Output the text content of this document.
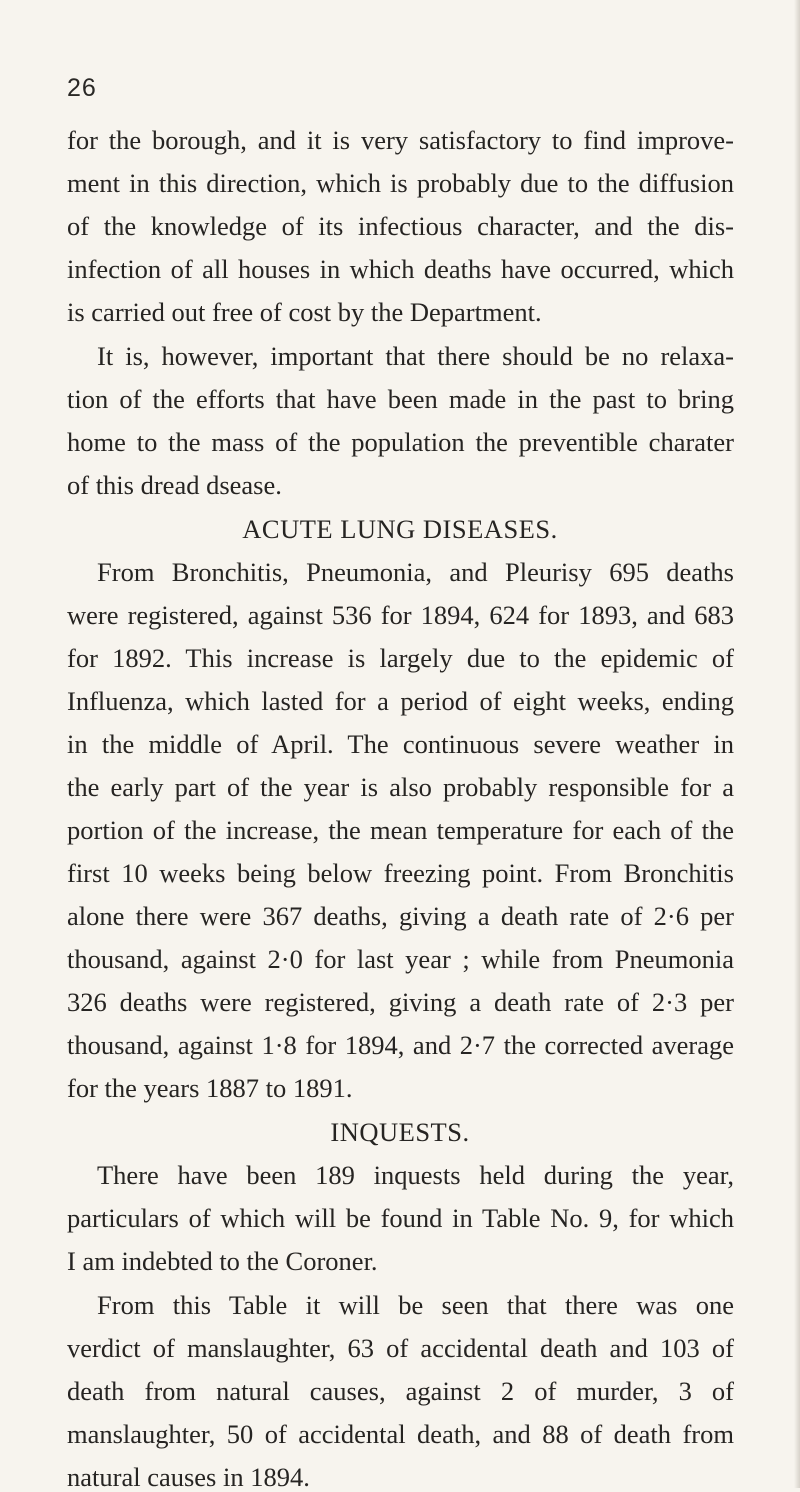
26
for the borough, and it is very satisfactory to find improve-
ment in this direction, which is probably due to the diffusion
of the knowledge of its infectious character, and the dis-
infection of all houses in which deaths have occurred, which
is carried out free of cost by the Department.
It is, however, important that there should be no relaxa-
tion of the efforts that have been made in the past to bring
home to the mass of the population the preventible charater
of this dread dsease.
ACUTE LUNG DISEASES.
From Bronchitis, Pneumonia, and Pleurisy 695 deaths
were registered, against 536 for 1894, 624 for 1893, and 683
for 1892. This increase is largely due to the epidemic of
Influenza, which lasted for a period of eight weeks, ending
in the middle of April. The continuous severe weather in
the early part of the year is also probably responsible for a
portion of the increase, the mean temperature for each of the
first 10 weeks being below freezing point. From Bronchitis
alone there were 367 deaths, giving a death rate of 2·6 per
thousand, against 2·0 for last year ; while from Pneumonia
326 deaths were registered, giving a death rate of 2·3 per
thousand, against 1·8 for 1894, and 2·7 the corrected average
for the years 1887 to 1891.
INQUESTS.
There have been 189 inquests held during the year,
particulars of which will be found in Table No. 9, for which
I am indebted to the Coroner.
From this Table it will be seen that there was one
verdict of manslaughter, 63 of accidental death and 103 of
death from natural causes, against 2 of murder, 3 of
manslaughter, 50 of accidental death, and 88 of death from
natural causes in 1894.
